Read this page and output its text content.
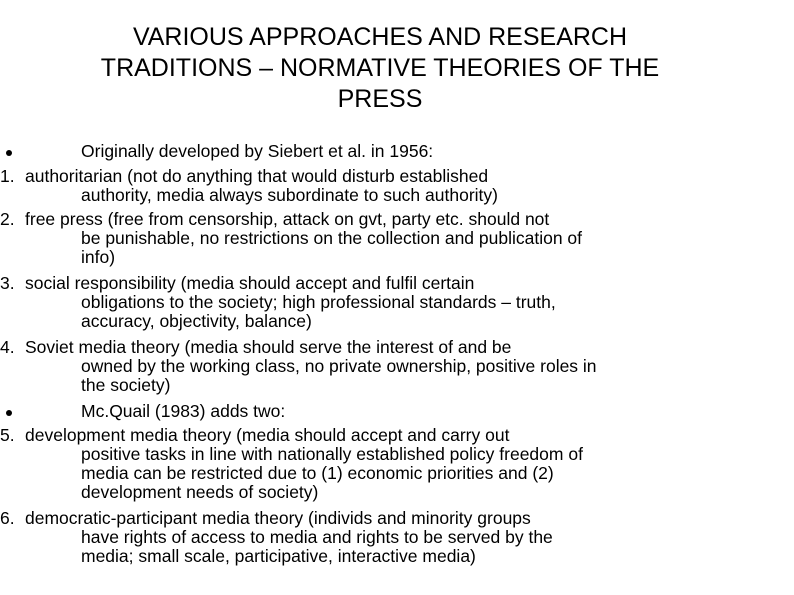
VARIOUS APPROACHES AND RESEARCH
TRADITIONS – NORMATIVE THEORIES OF THE
PRESS
Originally developed by Siebert et al. in 1956:
1. authoritarian (not do anything that would disturb established
authority, media always subordinate to such authority)
2. free press (free from censorship, attack on gvt, party etc. should not
be punishable, no restrictions on the collection and publication of
info)
3. social responsibility (media should accept and fulfil certain
obligations to the society; high professional standards – truth,
accuracy, objectivity, balance)
4. Soviet media theory (media should serve the interest of and be
owned by the working class, no private ownership, positive roles in
the society)
Mc.Quail (1983) adds two:
5. development media theory (media should accept and carry out
positive tasks in line with nationally established policy freedom of
media can be restricted due to (1) economic priorities and (2)
development needs of society)
6. democratic-participant media theory (individs and minority groups
have rights of access to media and rights to be served by the
media; small scale, participative, interactive media)
